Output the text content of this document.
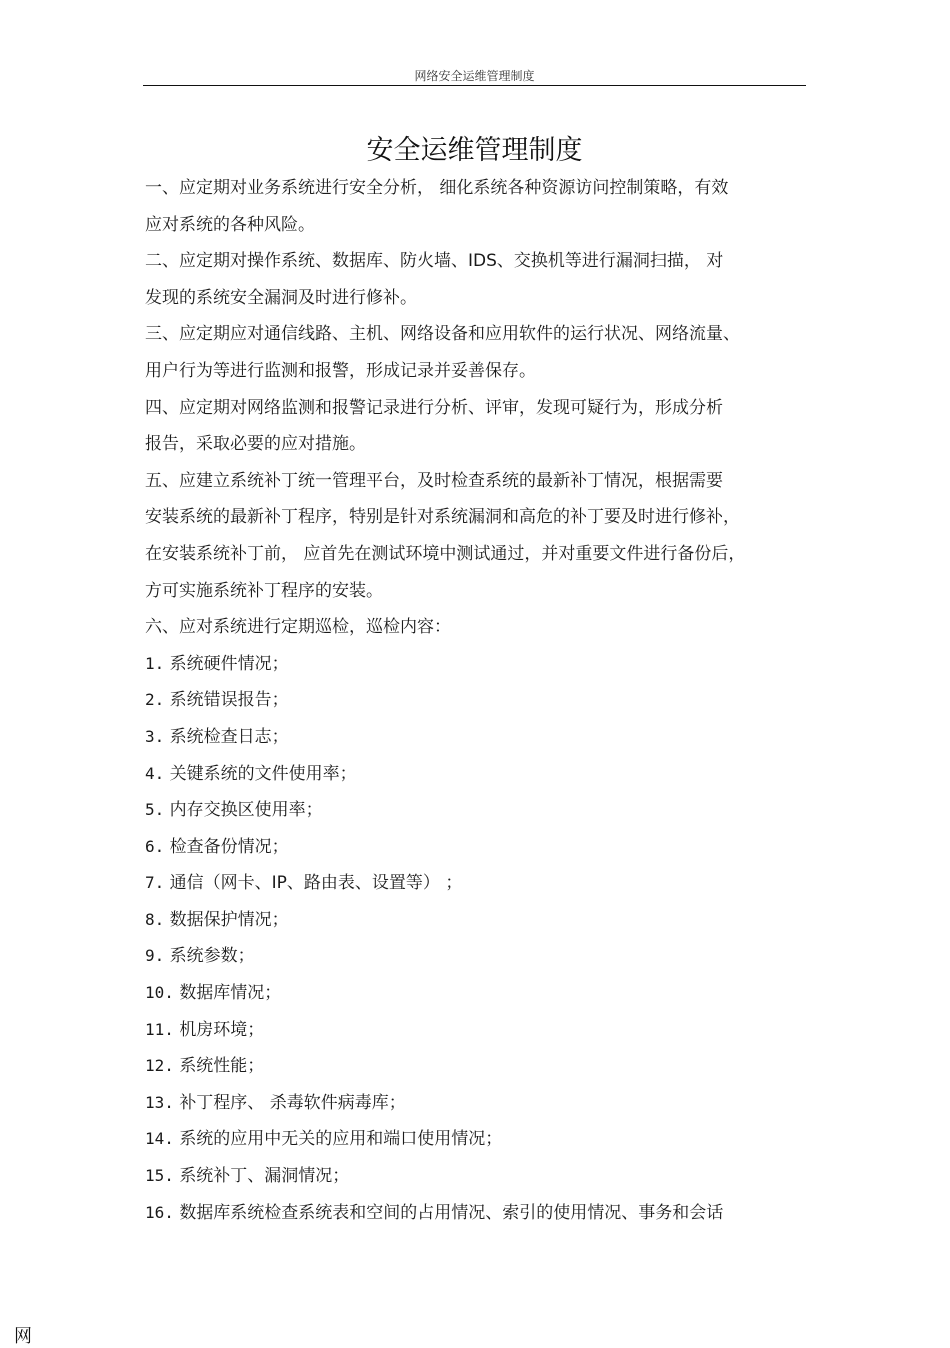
网络安全运维管理制度
安全运维管理制度
一、应定期对业务系统进行安全分析， 细化系统各种资源访问控制策略，有效
应对系统的各种风险。
二、应定期对操作系统、数据库、防火墙、IDS、交换机等进行漏洞扫描， 对
发现的系统安全漏洞及时进行修补。
三、应定期应对通信线路、主机、网络设备和应用软件的运行状况、网络流量、
用户行为等进行监测和报警，形成记录并妥善保存。
四、应定期对网络监测和报警记录进行分析、评审，发现可疑行为，形成分析
报告，采取必要的应对措施。
五、应建立系统补丁统一管理平台，及时检查系统的最新补丁情况，根据需要
安装系统的最新补丁程序，特别是针对系统漏洞和高危的补丁要及时进行修补，
在安装系统补丁前， 应首先在测试环境中测试通过，并对重要文件进行备份后，
方可实施系统补丁程序的安装。
六、应对系统进行定期巡检，巡检内容：
1. 系统硬件情况；
2. 系统错误报告；
3. 系统检查日志；
4. 关键系统的文件使用率；
5. 内存交换区使用率；
6. 检查备份情况；
7. 通信（网卡、IP、路由表、设置等） ；
8. 数据保护情况；
9. 系统参数；
10. 数据库情况；
11. 机房环境；
12. 系统性能；
13. 补丁程序、 杀毒软件病毒库；
14. 系统的应用中无关的应用和端口使用情况；
15. 系统补丁、漏洞情况；
16. 数据库系统检查系统表和空间的占用情况、索引的使用情况、事务和会话
网
